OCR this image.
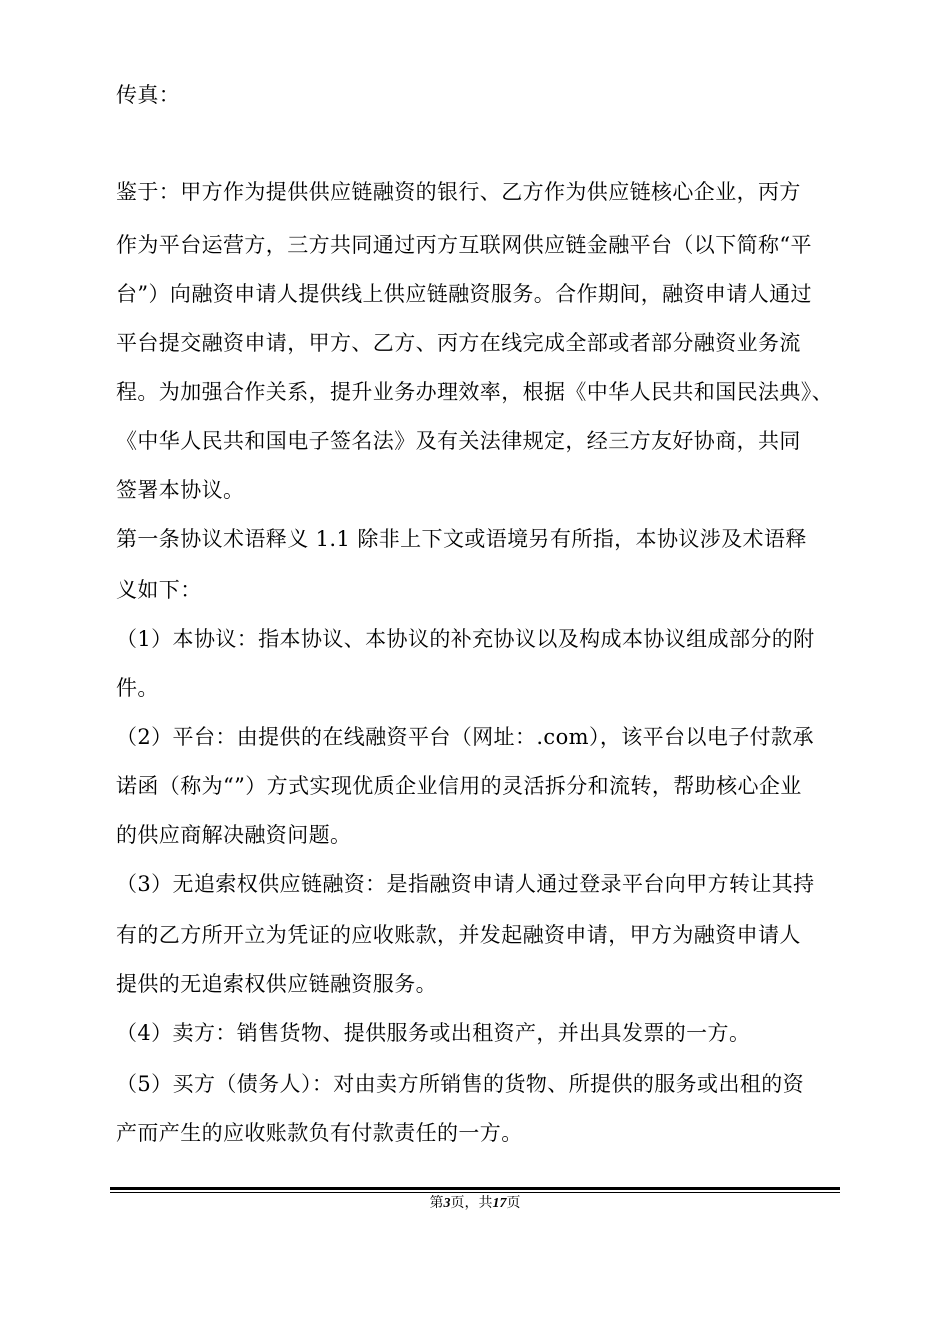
传真：
鉴于：甲方作为提供供应链融资的银行、乙方作为供应链核心企业，丙方
作为平台运营方，三方共同通过丙方互联网供应链金融平台（以下简称“平
台”）向融资申请人提供线上供应链融资服务。合作期间，融资申请人通过
平台提交融资申请，甲方、乙方、丙方在线完成全部或者部分融资业务流
程。为加强合作关系，提升业务办理效率，根据《中华人民共和国民法典》、
《中华人民共和国电子签名法》及有关法律规定，经三方友好协商，共同
签署本协议。
第一条协议术语释义 1.1 除非上下文或语境另有所指，本协议涉及术语释
义如下：
（1）本协议：指本协议、本协议的补充协议以及构成本协议组成部分的附
件。
（2）平台：由提供的在线融资平台（网址：.com），该平台以电子付款承
诺函（称为“”）方式实现优质企业信用的灵活拆分和流转，帮助核心企业
的供应商解决融资问题。
（3）无追索权供应链融资：是指融资申请人通过登录平台向甲方转让其持
有的乙方所开立为凭证的应收账款，并发起融资申请，甲方为融资申请人
提供的无追索权供应链融资服务。
（4）卖方：销售货物、提供服务或出租资产，并出具发票的一方。
（5）买方（债务人）：对由卖方所销售的货物、所提供的服务或出租的资
产而产生的应收账款负有付款责任的一方。
第3页，共17页
